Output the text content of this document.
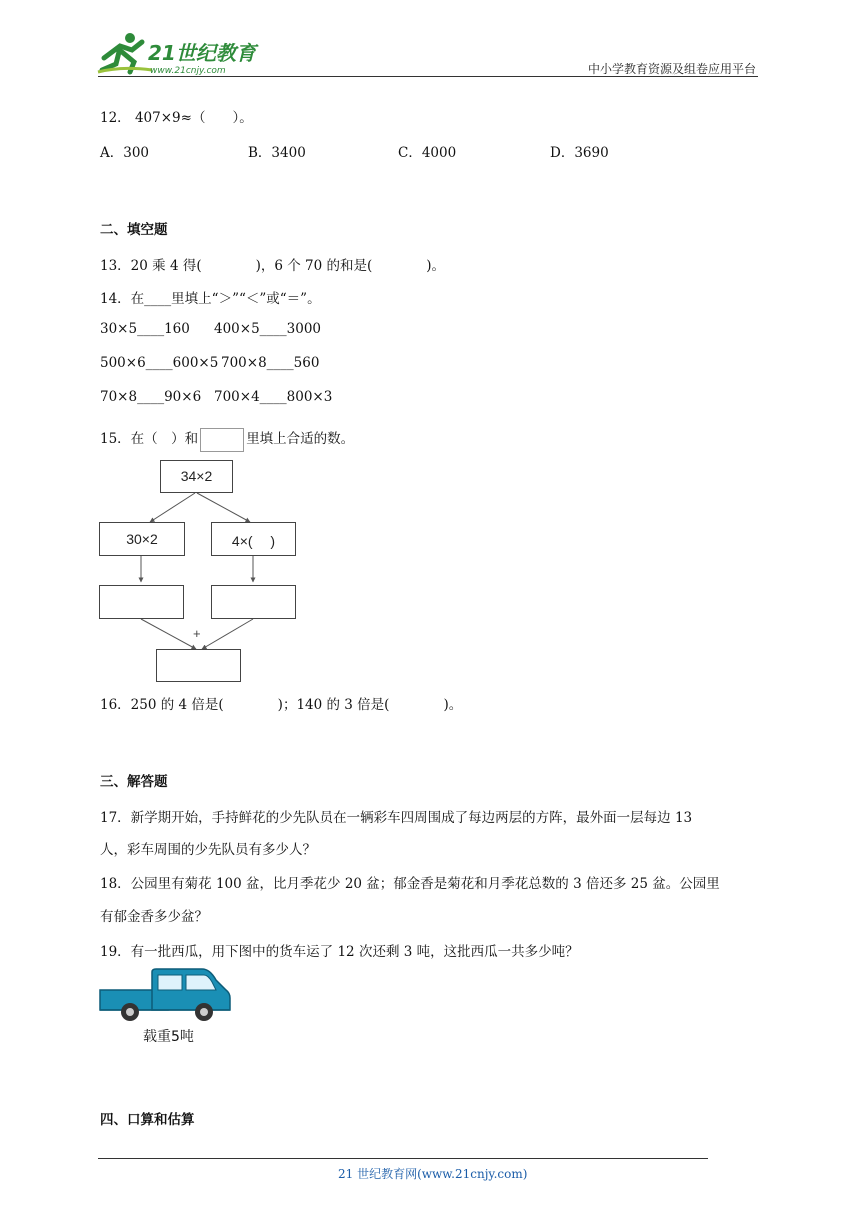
21世纪教育
www.21cnjy.com	中小学教育资源及组卷应用平台
12． 407×9≈（　　）。
A．300	B．3400	C．4000	D．3690
二、填空题
13．20 乘 4 得(　　　　)，6 个 70 的和是(　　　　)。
14．在____里填上“＞”“＜”或“＝”。
30×5____160 400×5____3000
500×6____600×5 700×8____560
70×8____90×6 700×4____800×3
15．在（　）和	里填上合适的数。
34×2
30×2	4×(　 )
+
16．250 的 4 倍是(　　　　)；140 的 3 倍是(　　　　)。
三、解答题
17．新学期开始，手持鲜花的少先队员在一辆彩车四周围成了每边两层的方阵，最外面一层每边 13
人，彩车周围的少先队员有多少人？
18．公园里有菊花 100 盆，比月季花少 20 盆；郁金香是菊花和月季花总数的 3 倍还多 25 盆。公园里
有郁金香多少盆？
19．有一批西瓜，用下图中的货车运了 12 次还剩 3 吨，这批西瓜一共多少吨？
载重5吨
四、口算和估算
21 世纪教育网(www.21cnjy.com)
